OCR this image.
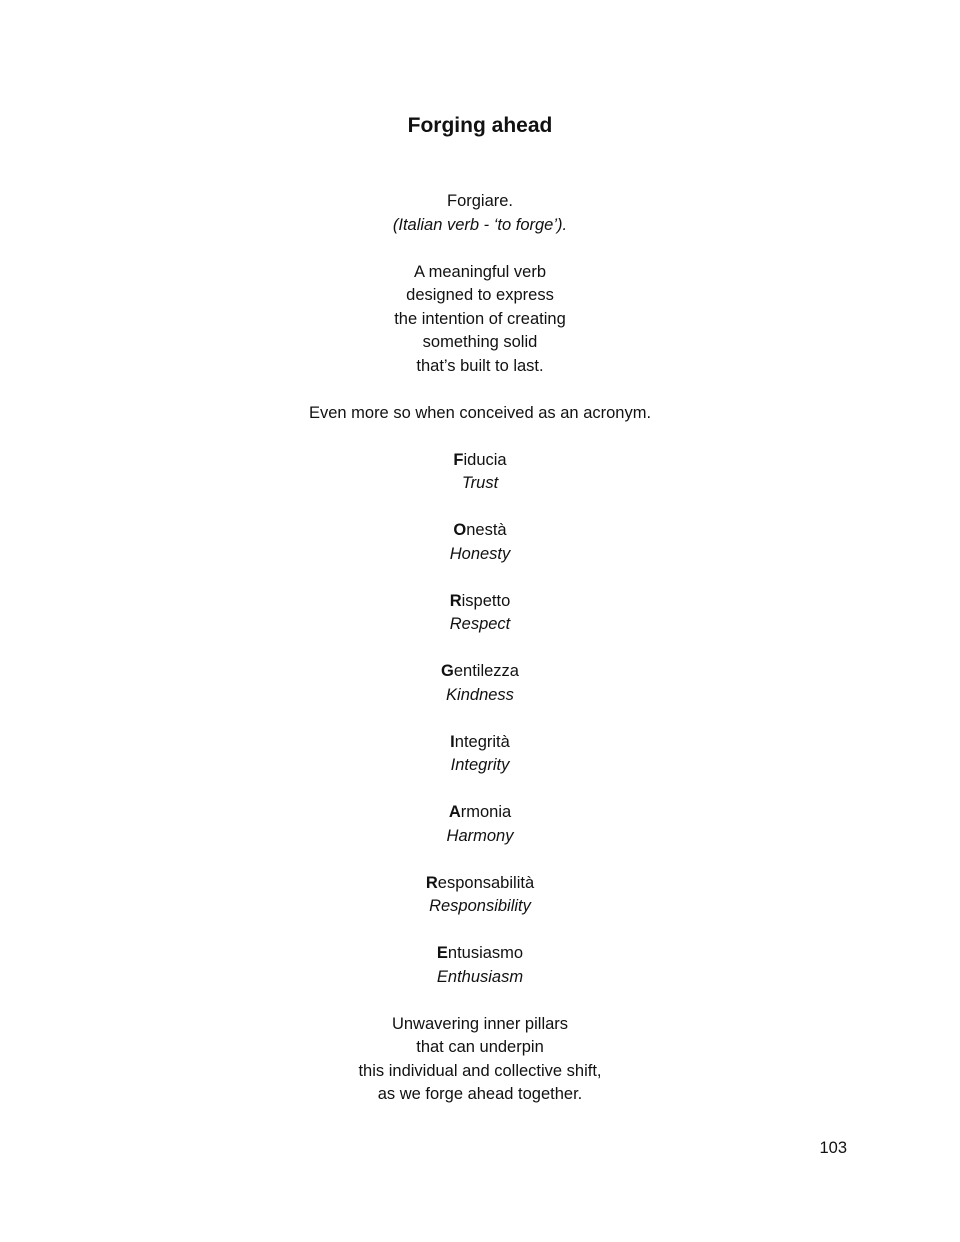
Forging ahead
Forgiare.
(Italian verb - ‘to forge’).
A meaningful verb
designed to express
the intention of creating
something solid
that’s built to last.
Even more so when conceived as an acronym.
Fiducia
Trust
Onestà
Honesty
Rispetto
Respect
Gentilezza
Kindness
Integrità
Integrity
Armonia
Harmony
Responsabilità
Responsibility
Entusiasmo
Enthusiasm
Unwavering inner pillars
that can underpin
this individual and collective shift,
as we forge ahead together.
103
